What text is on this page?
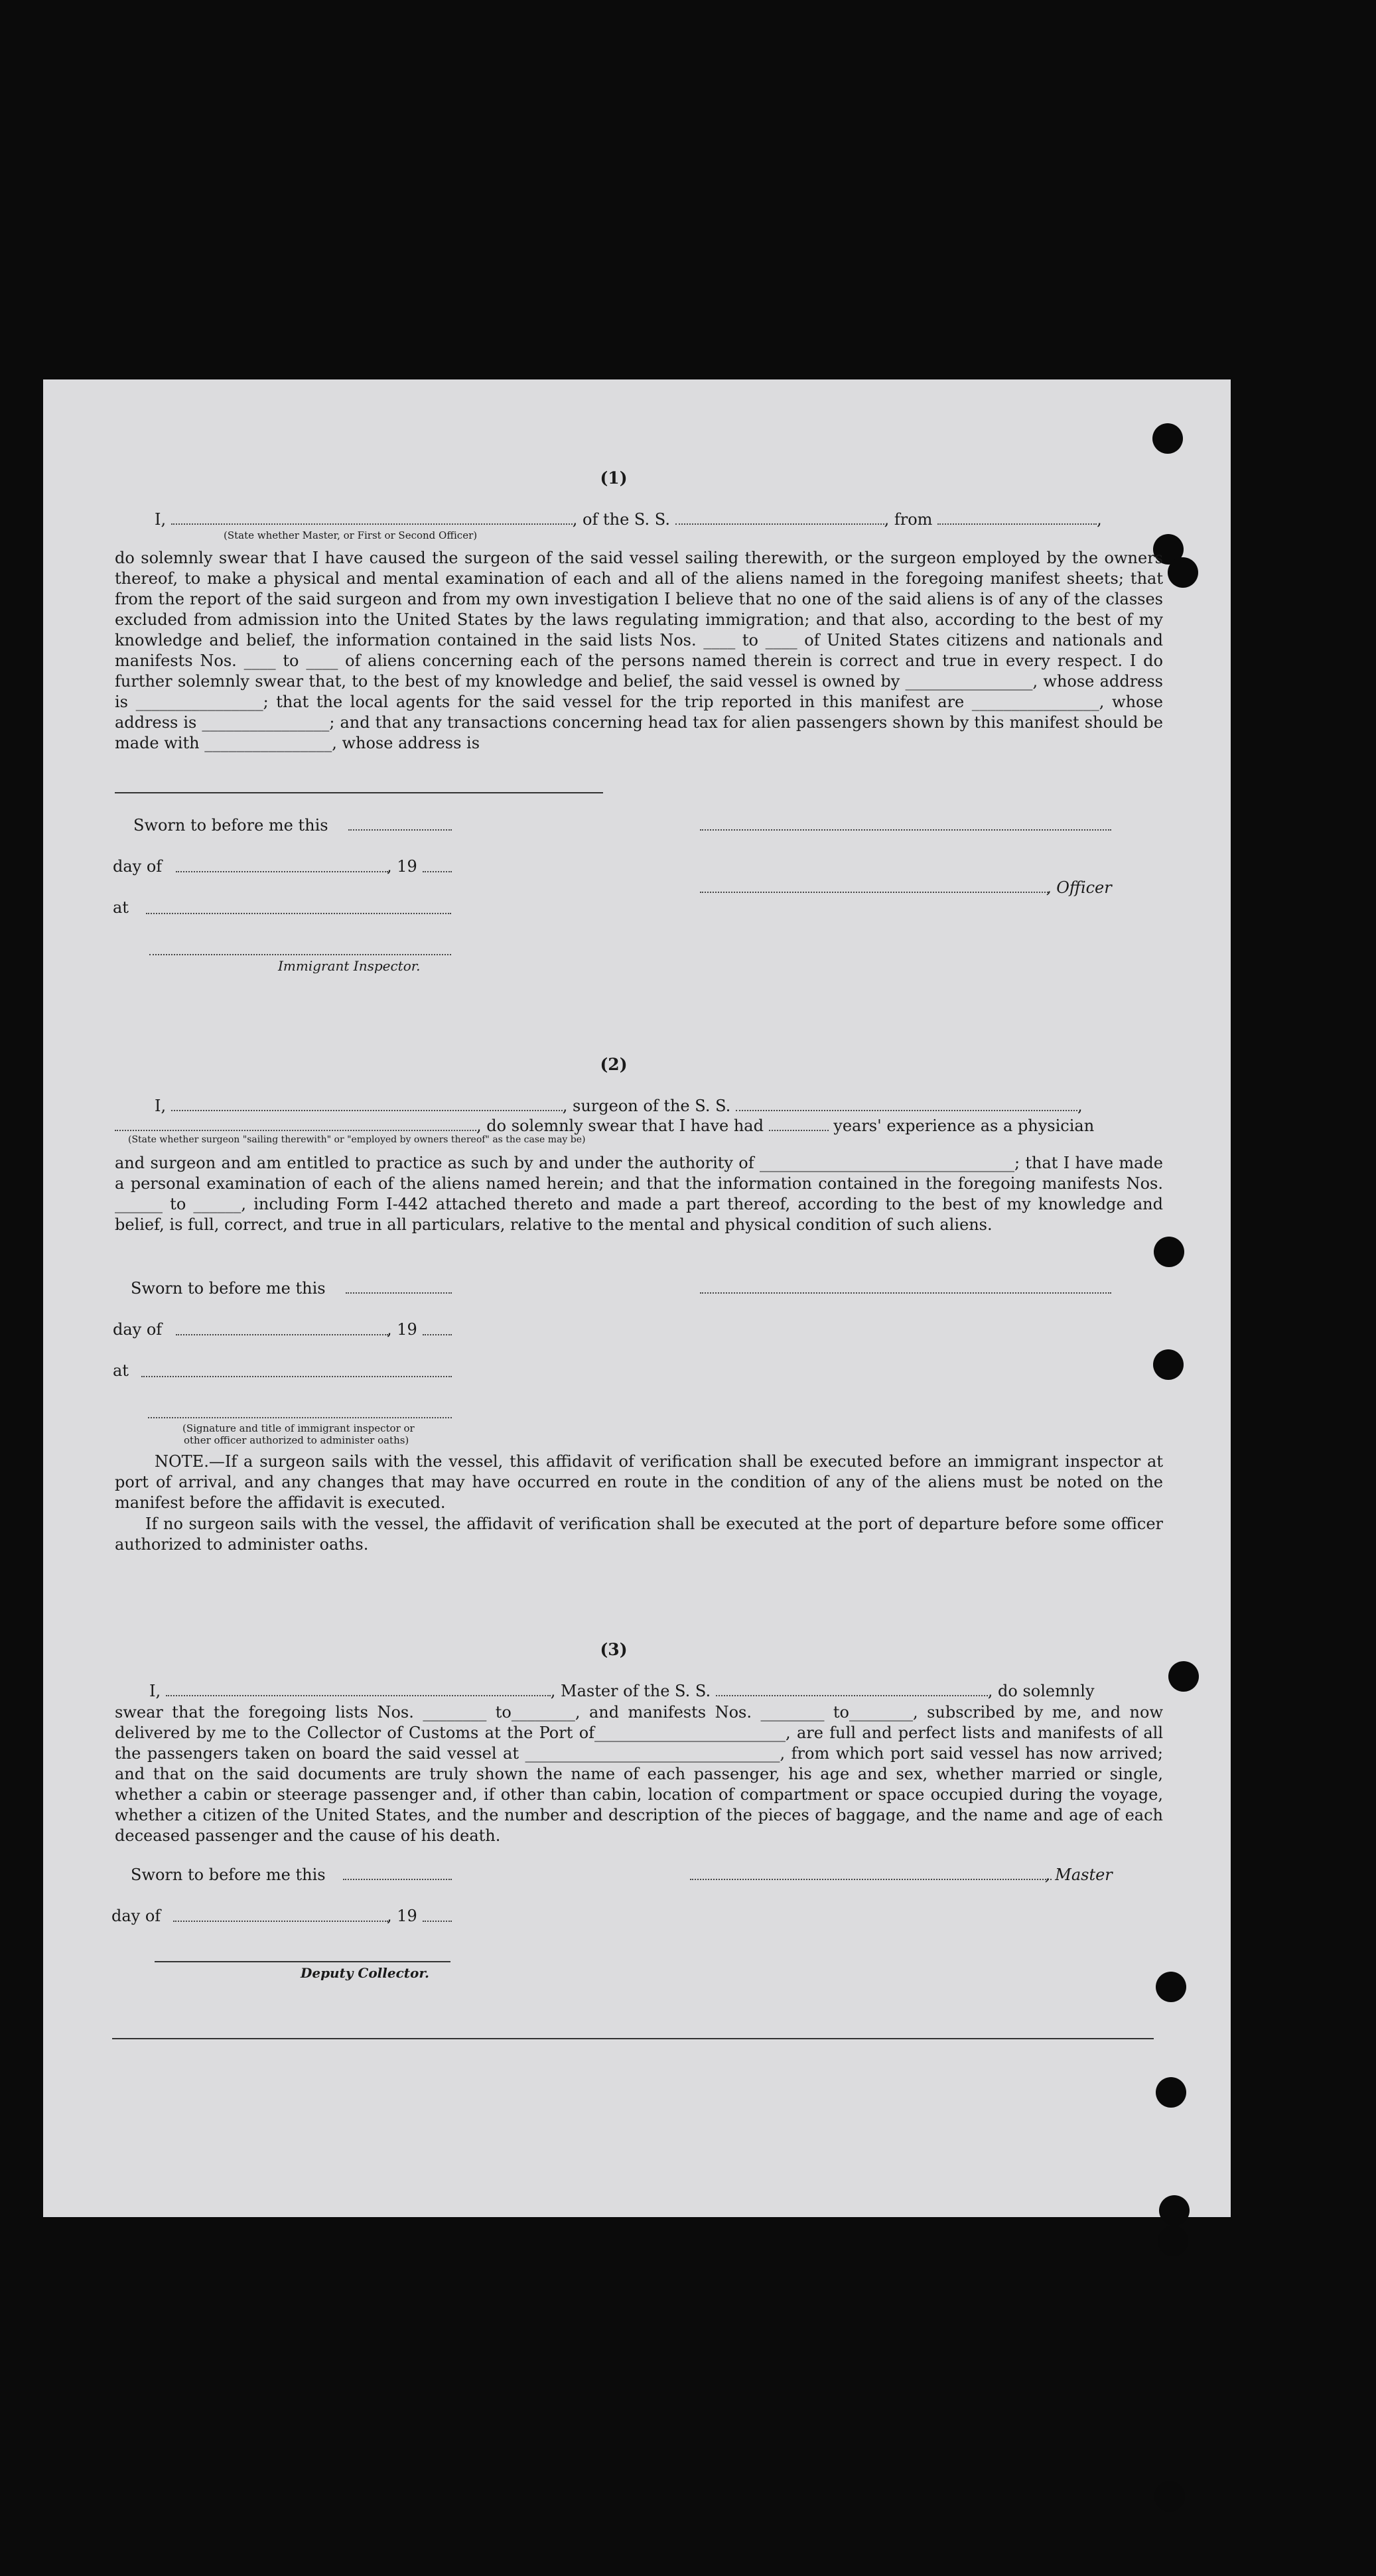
(1)
I,	, of the S. S.	, from	,
(State whether Master, or First or Second Officer)
do solemnly swear that I have caused the surgeon of the said vessel sailing therewith, or the surgeon employed by the owners thereof, to make a physical and mental examination of each and all of the aliens named in the foregoing manifest sheets; that from the report of the said surgeon and from my own investigation I believe that no one of the said aliens is of any of the classes excluded from admission into the United States by the laws regulating immigration; and that also, according to the best of my knowledge and belief, the information contained in the said lists Nos. ____ to ____ of United States citizens and nationals and manifests Nos. ____ to ____ of aliens concerning each of the persons named therein is correct and true in every respect. I do further solemnly swear that, to the best of my knowledge and belief, the said vessel is owned by ________________, whose address is ________________; that the local agents for the said vessel for the trip reported in this manifest are ________________, whose address is ________________; and that any transactions concerning head tax for alien passengers shown by this manifest should be made with ________________, whose address is
Sworn to before me this
day of	, 19
, Officer
at
Immigrant Inspector.
(2)
I,	, surgeon of the S. S.	,
, do solemnly swear that I have had	years' experience as a physician
(State whether surgeon "sailing therewith" or "employed by owners thereof" as the case may be)
and surgeon and am entitled to practice as such by and under the authority of ________________________________; that I have made a personal examination of each of the aliens named herein; and that the information contained in the foregoing manifests Nos. ______ to ______, including Form I-442 attached thereto and made a part thereof, according to the best of my knowledge and belief, is full, correct, and true in all particulars, relative to the mental and physical condition of such aliens.
Sworn to before me this
day of	, 19
at
(Signature and title of immigrant inspector or
other officer authorized to administer oaths)
NOTE.—If a surgeon sails with the vessel, this affidavit of verification shall be executed before an immigrant inspector at port of arrival, and any changes that may have occurred en route in the condition of any of the aliens must be noted on the manifest before the affidavit is executed.
If no surgeon sails with the vessel, the affidavit of verification shall be executed at the port of departure before some officer authorized to administer oaths.
(3)
I,	, Master of the S. S.	, do solemnly
swear that the foregoing lists Nos. ________ to________, and manifests Nos. ________ to________, subscribed by me, and now delivered by me to the Collector of Customs at the Port of________________________, are full and perfect lists and manifests of all the passengers taken on board the said vessel at ________________________________, from which port said vessel has now arrived; and that on the said documents are truly shown the name of each passenger, his age and sex, whether married or single, whether a cabin or steerage passenger and, if other than cabin, location of compartment or space occupied during the voyage, whether a citizen of the United States, and the number and description of the pieces of baggage, and the name and age of each deceased passenger and the cause of his death.
Sworn to before me this	, Master
day of	, 19
Deputy Collector.
